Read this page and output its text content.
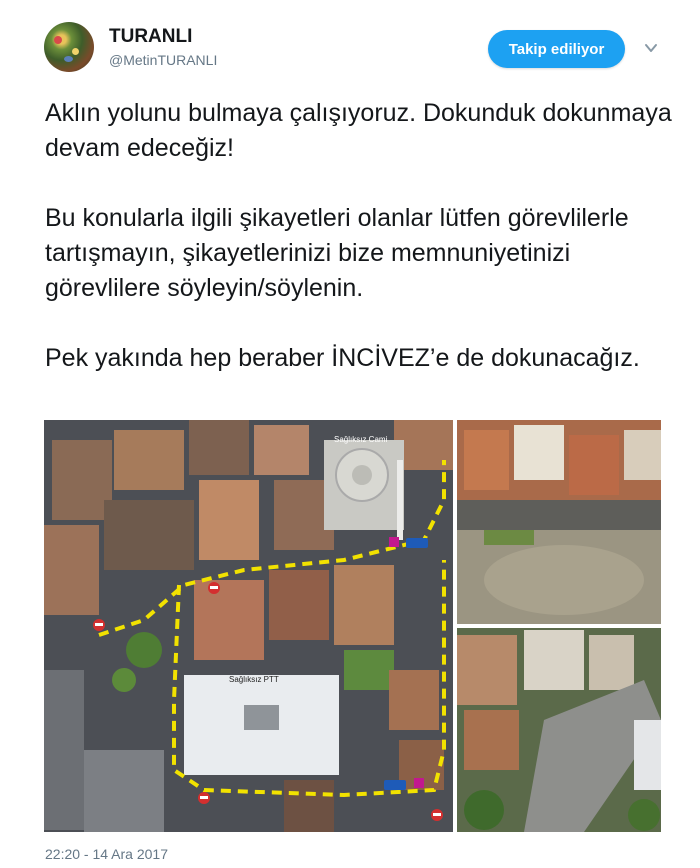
TURANLI
@MetinTURANLI
Takip ediliyor

Aklın yolunu bulmaya çalışıyoruz. Dokunduk dokunmaya devam edeceğiz!

Bu konularla ilgili şikayetleri olanlar lütfen görevlilerle tartışmayın, şikayetlerinizi bize memnuniyetinizi görevlilere söyleyin/söylenin.

Pek yakında hep beraber İNCİVEZ’e de dokunacağız.

Sağlıksız Cami
Sağlıksız PTT
22:20 - 14 Ara 2017
